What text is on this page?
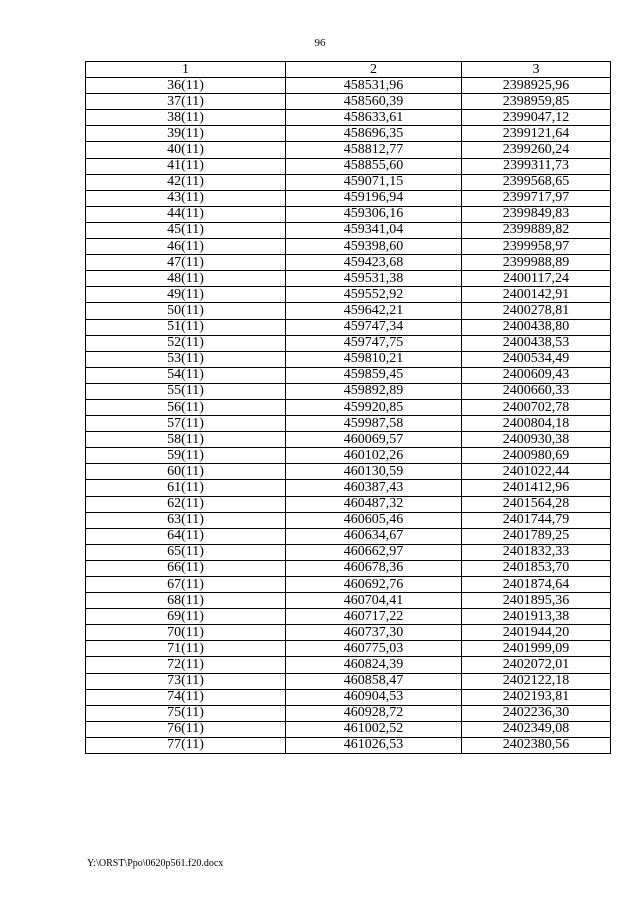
96
1	2	3
36(11)	458531,96	2398925,96
37(11)	458560,39	2398959,85
38(11)	458633,61	2399047,12
39(11)	458696,35	2399121,64
40(11)	458812,77	2399260,24
41(11)	458855,60	2399311,73
42(11)	459071,15	2399568,65
43(11)	459196,94	2399717,97
44(11)	459306,16	2399849,83
45(11)	459341,04	2399889,82
46(11)	459398,60	2399958,97
47(11)	459423,68	2399988,89
48(11)	459531,38	2400117,24
49(11)	459552,92	2400142,91
50(11)	459642,21	2400278,81
51(11)	459747,34	2400438,80
52(11)	459747,75	2400438,53
53(11)	459810,21	2400534,49
54(11)	459859,45	2400609,43
55(11)	459892,89	2400660,33
56(11)	459920,85	2400702,78
57(11)	459987,58	2400804,18
58(11)	460069,57	2400930,38
59(11)	460102,26	2400980,69
60(11)	460130,59	2401022,44
61(11)	460387,43	2401412,96
62(11)	460487,32	2401564,28
63(11)	460605,46	2401744,79
64(11)	460634,67	2401789,25
65(11)	460662,97	2401832,33
66(11)	460678,36	2401853,70
67(11)	460692,76	2401874,64
68(11)	460704,41	2401895,36
69(11)	460717,22	2401913,38
70(11)	460737,30	2401944,20
71(11)	460775,03	2401999,09
72(11)	460824,39	2402072,01
73(11)	460858,47	2402122,18
74(11)	460904,53	2402193,81
75(11)	460928,72	2402236,30
76(11)	461002,52	2402349,08
77(11)	461026,53	2402380,56
Y:\ORST\Ppo\0620p561.f20.docx
